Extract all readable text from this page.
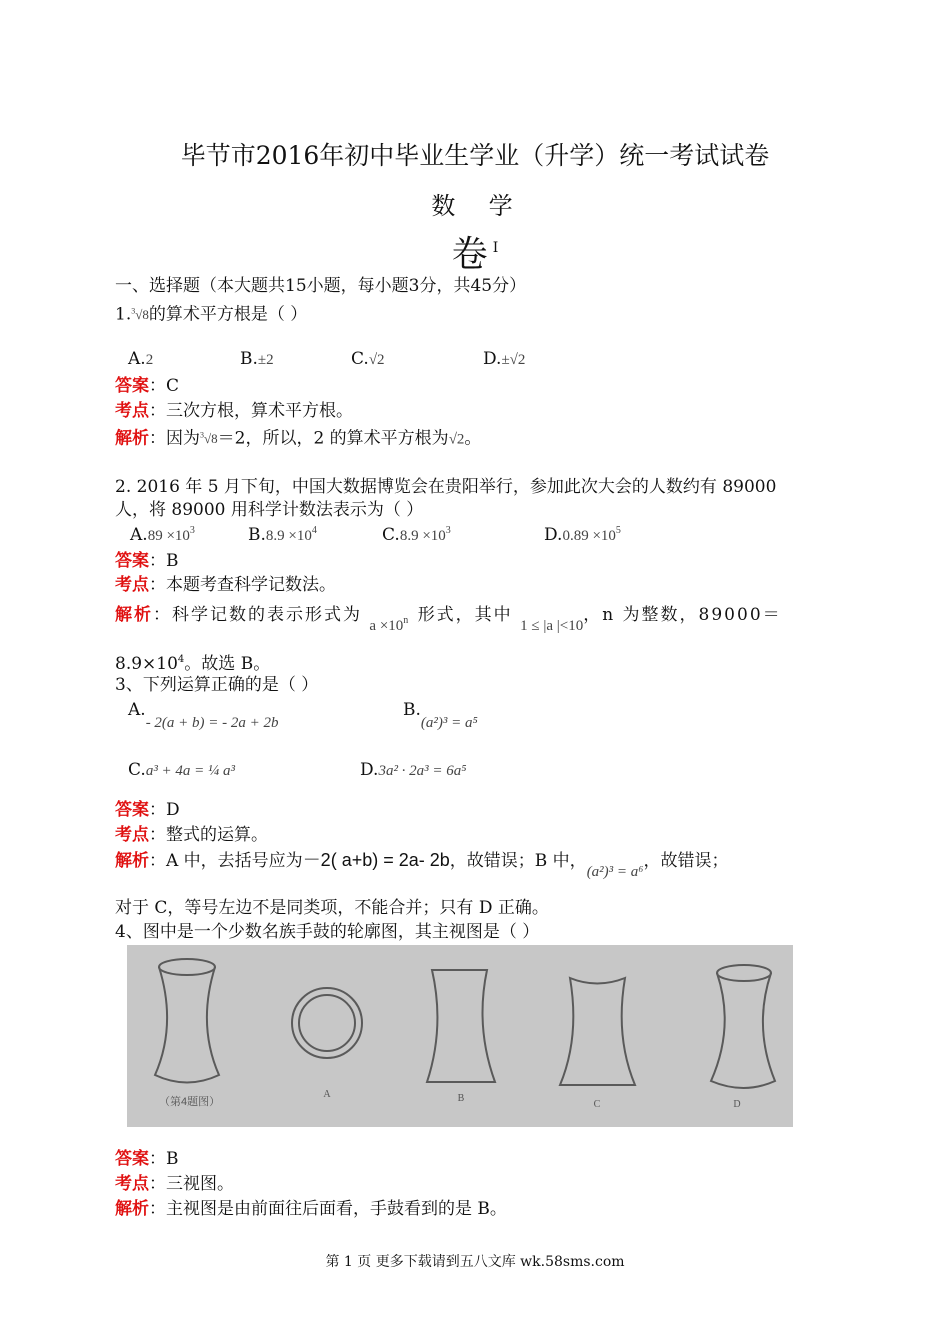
毕节市2016年初中毕业生学业（升学）统一考试试卷
数  学
卷 I
一、选择题（本大题共15小题，每小题3分，共45分）
1.$^3$√8的算术平方根是（ ）
A.2	B.±2	C.√2	D.±√2
答案：C
考点：三次方根，算术平方根。
解析：因为$^3$√8＝2，所以，2 的算术平方根为√2。
2. 2016 年 5 月下旬，中国大数据博览会在贵阳举行，参加此次大会的人数约有 89000
人，将 89000 用科学计数法表示为（ ）
$A.89 \times 10^3$	$B.8.9 \times 10^4$	$C.8.9 \times 10^3$	$D.0.89 \times 10^5$
答案：B
考点：本题考查科学记数法。
解析：科学记数的表示形式为 $a \times 10^n$ 形式，其中 1 ≤ |a |<10，n 为整数，89000＝
$8.9\times 10^4$。故选 B。
3、下列运算正确的是（ ）
A.- 2(a + b) = - 2a + 2b
B.(a²)³ = a⁵
C.a³ + 4a = ¼ a³	D.3a² · 2a³ = 6a⁵
答案：D
考点：整式的运算。
解析：A 中，去括号应为－2( a+b) = 2a- 2b，故错误；B 中，(a²)³ = a⁶，故错误；
对于 C，等号左边不是同类项，不能合并；只有 D 正确。
4、图中是一个少数名族手鼓的轮廓图，其主视图是（ ）
（第4题图）
A	B
C	D
答案：B
考点：三视图。
解析：主视图是由前面往后面看，手鼓看到的是 B。
第 1 页 更多下载请到五八文库 wk.58sms.com
